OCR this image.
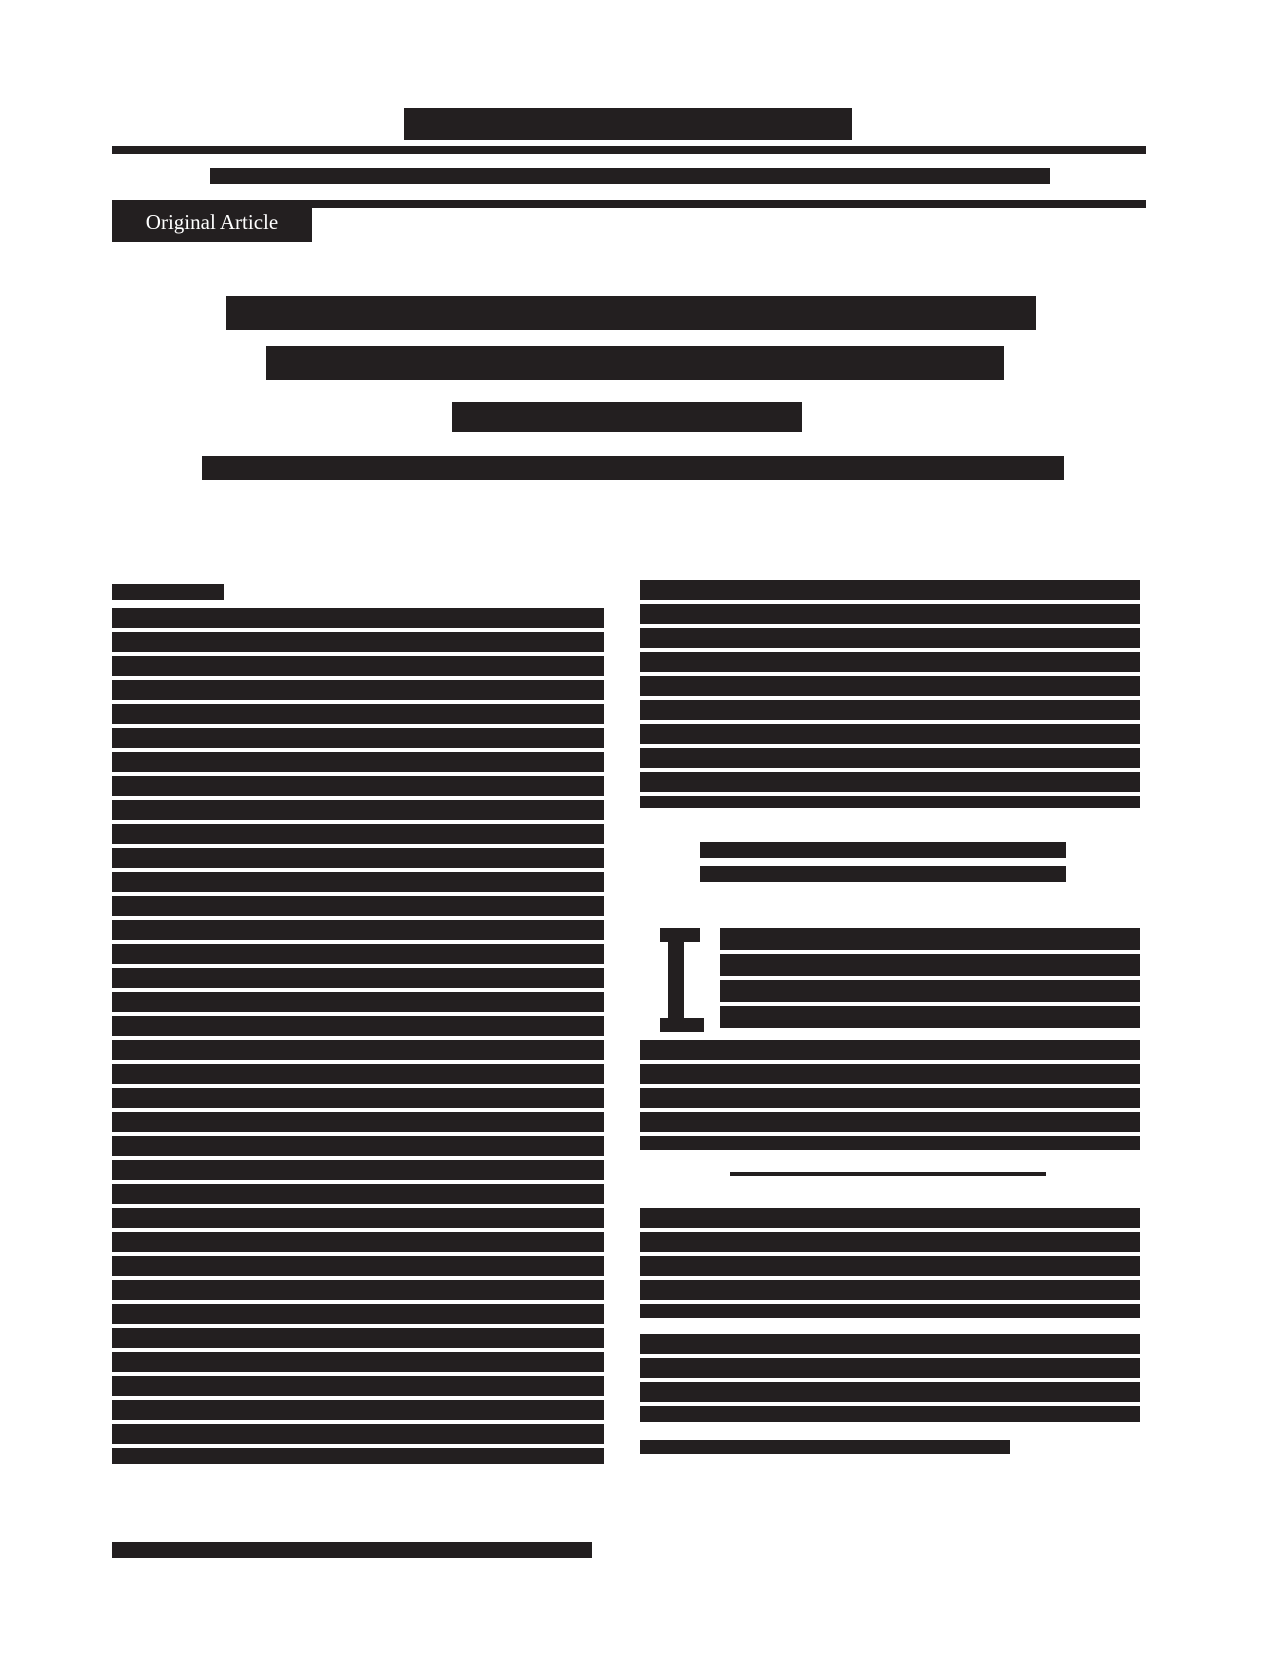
Original Article
